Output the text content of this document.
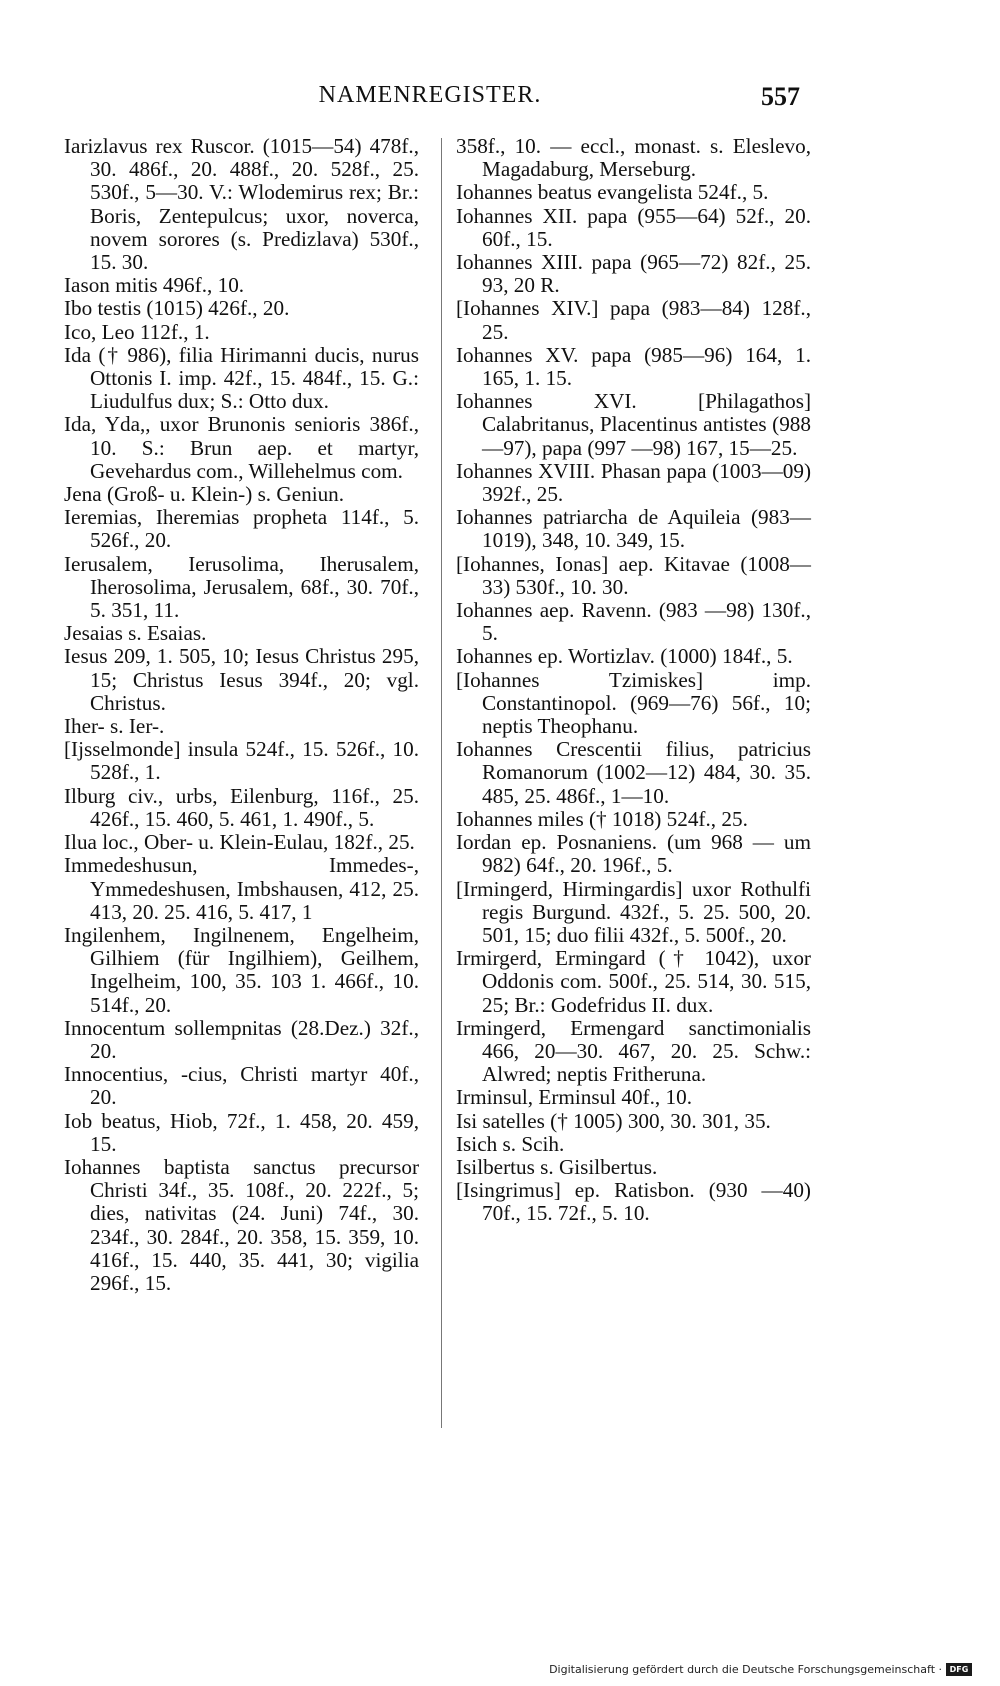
NAMENREGISTER.	557

Iarizlavus rex Ruscor. (1015—54) 478f., 30. 486f., 20. 488f., 20. 528f., 25. 530f., 5—30. V.: Wlodemirus rex; Br.: Boris, Zentepulcus; uxor, noverca, novem sorores (s. Predizlava) 530f., 15. 30.

Iason mitis 496f., 10.

Ibo testis (1015) 426f., 20.

Ico, Leo 112f., 1.

Ida († 986), filia Hirimanni ducis, nurus Ottonis I. imp. 42f., 15. 484f., 15. G.: Liudulfus dux; S.: Otto dux.

Ida, Yda,, uxor Brunonis senioris 386f., 10. S.: Brun aep. et martyr, Gevehardus com., Willehelmus com.

Jena (Groß- u. Klein-) s. Geniun.

Ieremias, Iheremias propheta 114f., 5. 526f., 20.

Ierusalem, Ierusolima, Iherusalem, Iherosolima, Jerusalem, 68f., 30. 70f., 5. 351, 11.

Jesaias s. Esaias.

Iesus 209, 1. 505, 10; Iesus Christus 295, 15; Christus Iesus 394f., 20; vgl. Christus.

Iher- s. Ier-.

[Ijsselmonde] insula 524f., 15. 526f., 10. 528f., 1.

Ilburg civ., urbs, Eilenburg, 116f., 25. 426f., 15. 460, 5. 461, 1. 490f., 5.

Ilua loc., Ober- u. Klein-Eulau, 182f., 25.

Immedeshusun, Immedes-, Ymmedeshusen, Imbshausen, 412, 25. 413, 20. 25. 416, 5. 417, 1

Ingilenhem, Ingilnenem, Engelheim, Gilhiem (für Ingilhiem), Geilhem, Ingelheim, 100, 35. 103 1. 466f., 10. 514f., 20.

Innocentum sollempnitas (28.Dez.) 32f., 20.

Innocentius, -cius, Christi martyr 40f., 20.

Iob beatus, Hiob, 72f., 1. 458, 20. 459, 15.

Iohannes baptista sanctus precursor Christi 34f., 35. 108f., 20. 222f., 5; dies, nativitas (24. Juni) 74f., 30. 234f., 30. 284f., 20. 358, 15. 359, 10. 416f., 15. 440, 35. 441, 30; vigilia 296f., 15.

358f., 10. — eccl., monast. s. Eleslevo, Magadaburg, Merseburg.

Iohannes beatus evangelista 524f., 5.

Iohannes XII. papa (955—64) 52f., 20. 60f., 15.

Iohannes XIII. papa (965—72) 82f., 25. 93, 20 R.

[Iohannes XIV.] papa (983—84) 128f., 25.

Iohannes XV. papa (985—96) 164, 1. 165, 1. 15.

Iohannes XVI. [Philagathos] Calabritanus, Placentinus antistes (988—97), papa (997 —98) 167, 15—25.

Iohannes XVIII. Phasan papa (1003—09) 392f., 25.

Iohannes patriarcha de Aquileia (983—1019), 348, 10. 349, 15.

[Iohannes, Ionas] aep. Kitavae (1008—33) 530f., 10. 30.

Iohannes aep. Ravenn. (983 —98) 130f., 5.

Iohannes ep. Wortizlav. (1000) 184f., 5.

[Iohannes Tzimiskes] imp. Constantinopol. (969—76) 56f., 10; neptis Theophanu.

Iohannes Crescentii filius, patricius Romanorum (1002—12) 484, 30. 35. 485, 25. 486f., 1—10.

Iohannes miles († 1018) 524f., 25.

Iordan ep. Posnaniens. (um 968 — um 982) 64f., 20. 196f., 5.

[Irmingerd, Hirmingardis] uxor Rothulfi regis Burgund. 432f., 5. 25. 500, 20. 501, 15; duo filii 432f., 5. 500f., 20.

Irmirgerd, Ermingard († 1042), uxor Oddonis com. 500f., 25. 514, 30. 515, 25; Br.: Godefridus II. dux.

Irmingerd, Ermengard sanctimonialis 466, 20—30. 467, 20. 25. Schw.: Alwred; neptis Fritheruna.

Irminsul, Erminsul 40f., 10.

Isi satelles († 1005) 300, 30. 301, 35.

Isich s. Scih.

Isilbertus s. Gisilbertus.

[Isingrimus] ep. Ratisbon. (930 —40) 70f., 15. 72f., 5. 10.

Digitalisierung gefördert durch die Deutsche Forschungsgemeinschaft · DFG
